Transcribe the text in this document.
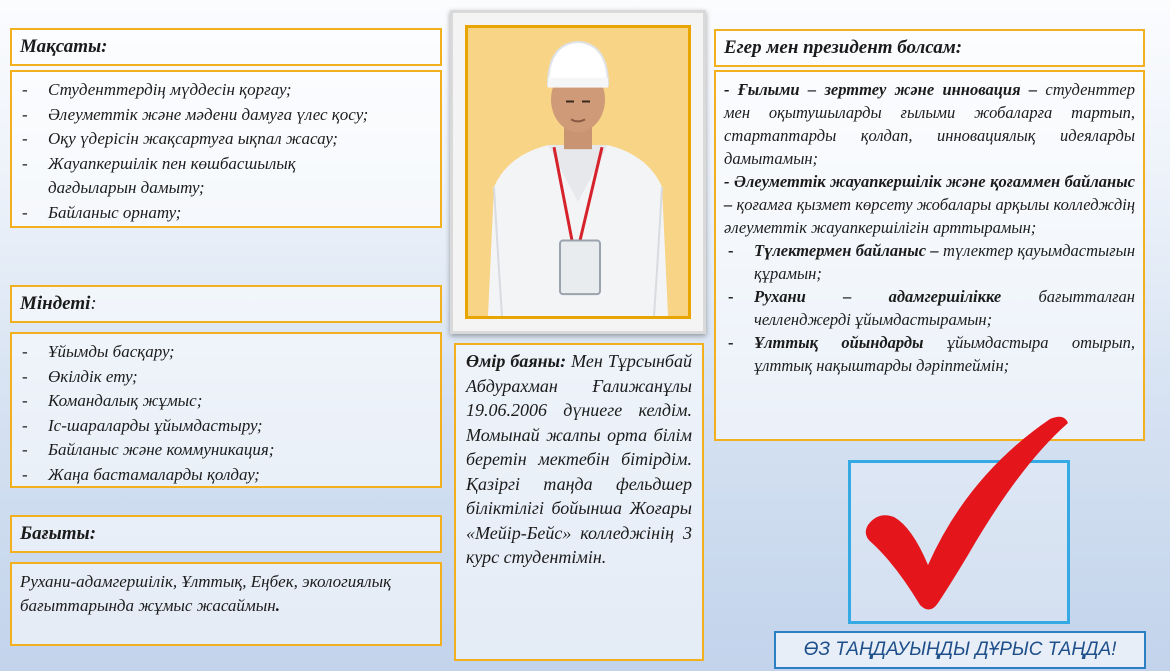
Мақсаты:
- Студенттердің мүддесін қорғау;
- Әлеуметтік және мәдени дамуға үлес қосу;
- Оқу үдерісін жақсартуға ықпал жасау;
- Жауапкершілік пен көшбасшылық дағдыларын дамыту;
- Байланыс орнату;
Міндеті:
- Ұйымды басқару;
- Өкілдік ету;
- Командалық жұмыс;
- Іс-шараларды ұйымдастыру;
- Байланыс және коммуникация;
- Жаңа бастамаларды қолдау;
Бағыты:
Рухани-адамгершілік, Ұлттық, Еңбек, экологиялық бағыттарында жұмыс жасаймын.
Өмір баяны: Мен Тұрсынбай Абдурахман Ғалижанұлы 19.06.2006 дүниеге келдім. Момынай жалпы орта білім беретін мектебін бітірдім. Қазіргі таңда фельдшер біліктілігі бойынша Жоғары «Мейір-Бейс» колледжінің 3 курс студентімін.
Егер мен президент болсам:
- Ғылыми – зерттеу және инновация – студенттер мен оқытушыларды ғылыми жобаларға тартып, стартаптарды қолдап, инновациялық идеяларды дамытамын;
- Әлеуметтік жауапкершілік және қоғаммен байланыс – қоғамға қызмет көрсету жобалары арқылы колледждің әлеуметтік жауапкершілігін арттырамын;
- Түлектермен байланыс – түлектер қауымдастығын құрамын;
- Рухани – адамгершілікке бағытталған челленджерді ұйымдастырамын;
- Ұлттық ойындарды ұйымдастыра отырып, ұлттық нақыштарды дәріптеймін;
ӨЗ ТАҢДАУЫҢДЫ ДҰРЫС ТАҢДА!
